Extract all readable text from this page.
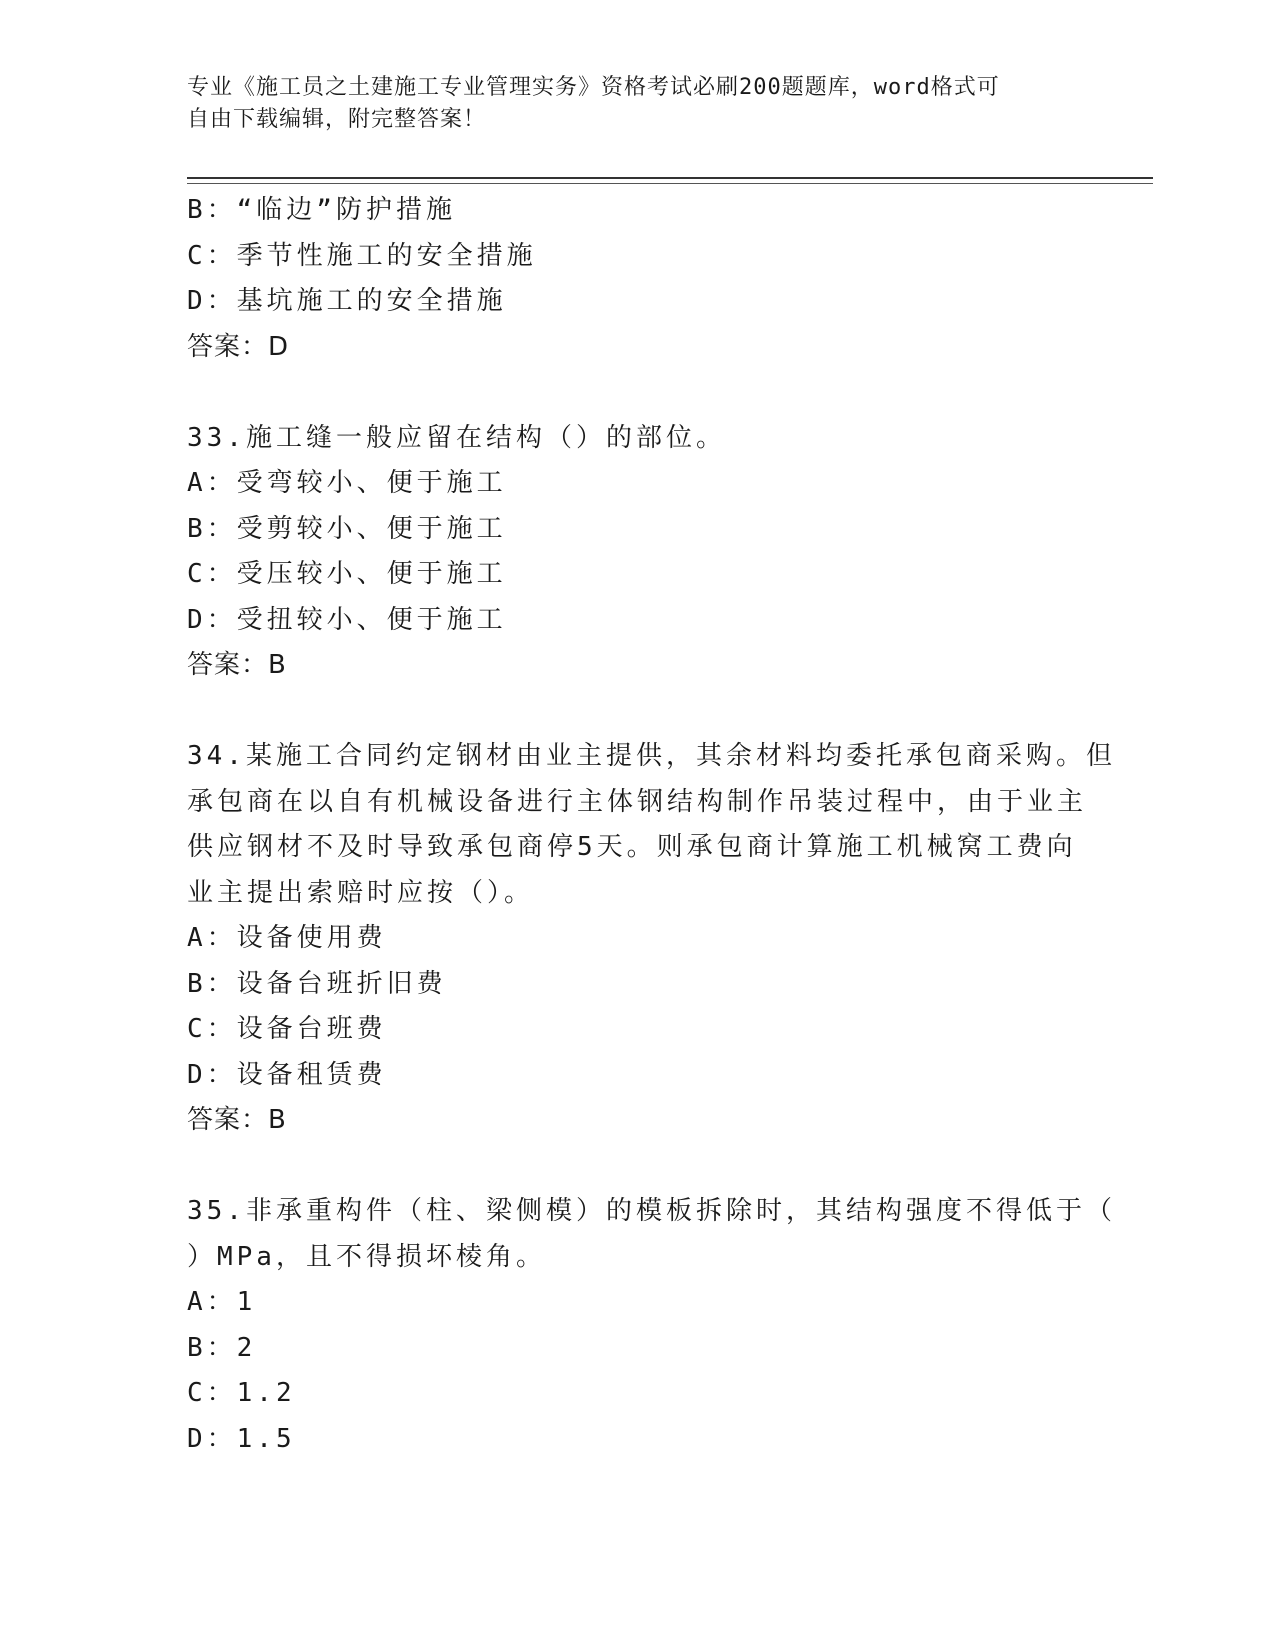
专业《施工员之土建施工专业管理实务》资格考试必刷200题题库，word格式可
自由下载编辑，附完整答案！
B：“临边”防护措施
C：季节性施工的安全措施
D：基坑施工的安全措施
答案：D
33.施工缝一般应留在结构（）的部位。
A：受弯较小、便于施工
B：受剪较小、便于施工
C：受压较小、便于施工
D：受扭较小、便于施工
答案：B
34.某施工合同约定钢材由业主提供，其余材料均委托承包商采购。但
承包商在以自有机械设备进行主体钢结构制作吊装过程中，由于业主
供应钢材不及时导致承包商停5天。则承包商计算施工机械窝工费向
业主提出索赔时应按（）。
A：设备使用费
B：设备台班折旧费
C：设备台班费
D：设备租赁费
答案：B
35.非承重构件（柱、梁侧模）的模板拆除时，其结构强度不得低于（
）MPa，且不得损坏棱角。
A：1
B：2
C：1.2
D：1.5
